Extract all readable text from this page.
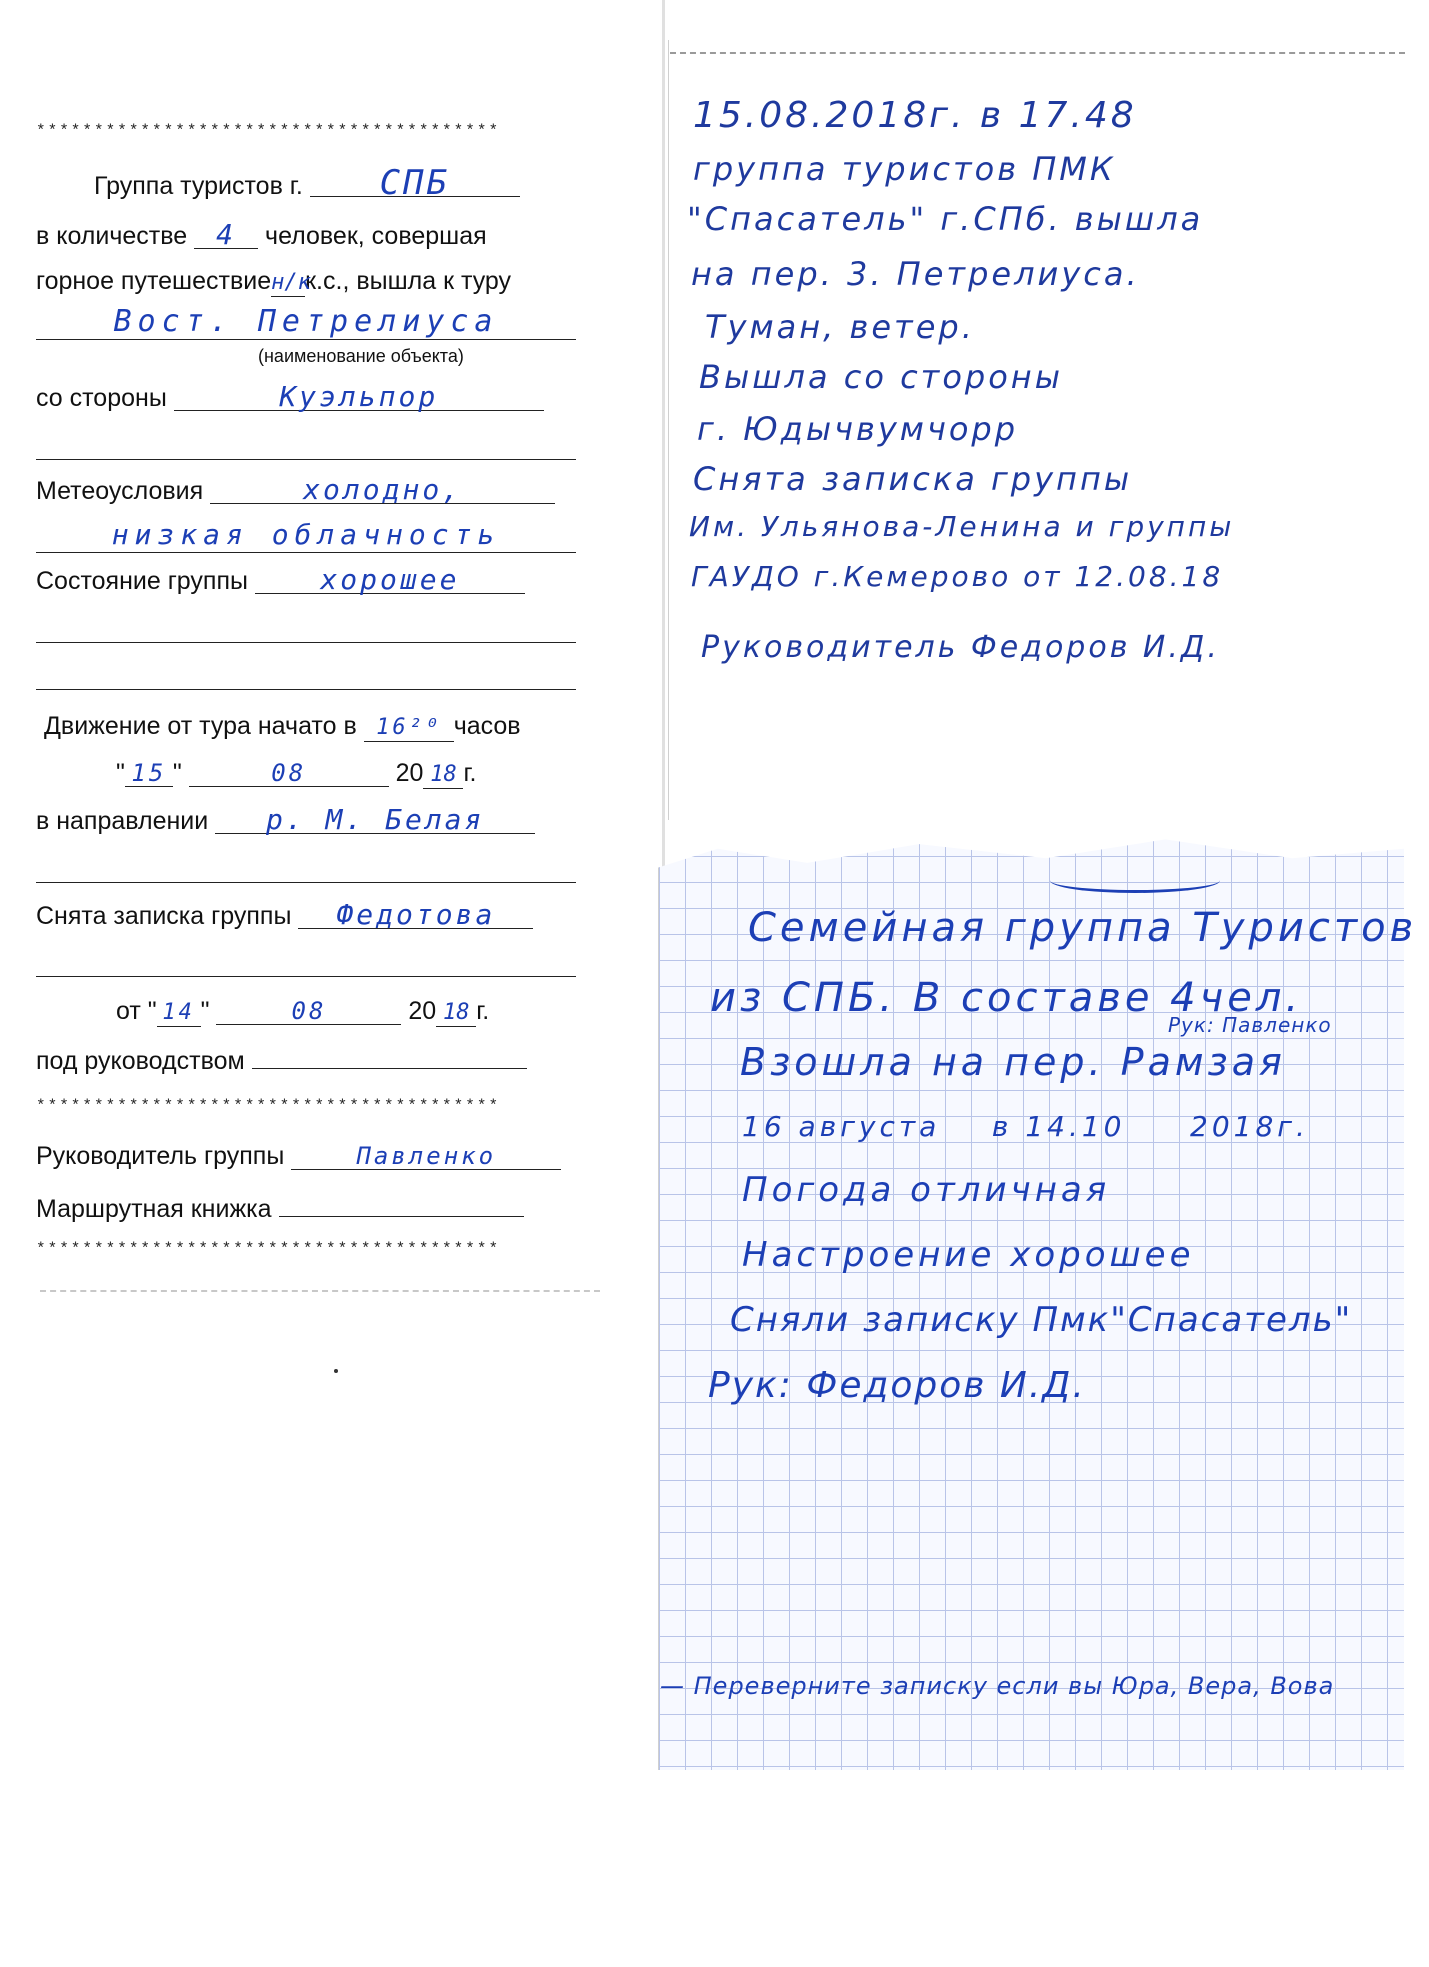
****************************************
Группа туристов г. СПБ
в количестве 4 человек, совершая
горное путешествиен/кк.с., вышла к туру
Вост. Петрелиуса
(наименование объекта)
со стороны	Куэльпор
Метеоусловия	холодно,
низкая облачность
Состояние группы	хорошее
Движение от тура начато в 16²⁰ часов
" 15 "	08	20 18 г.
в направлении р. М. Белая
Снята записка группы Федотова
от " 14 "	08	20 18 г.
под руководством
****************************************
Руководитель группы	Павленко
Маршрутная книжка
****************************************
15.08.2018г. в 17.48
группа туристов ПМК
"Спасатель" г.СПб. вышла
на пер. 3. Петрелиуса.
Туман, ветер.
Вышла со стороны
г. Юдычвумчорр
Снята записка группы
Им. Ульянова-Ленина и группы
ГАУДО г.Кемерово от 12.08.18
Руководитель Федоров И.Д.
Семейная группа Туристов
из СПБ. В составе 4чел.
Рук: Павленко
Взошла на пер. Рамзая
16 августа    в 14.10     2018г.
Погода отличная
Настроение хорошее
Сняли записку Пмк"Спасатель"
Рук: Федоров И.Д.
— Переверните записку если вы Юра, Вера, Вова
